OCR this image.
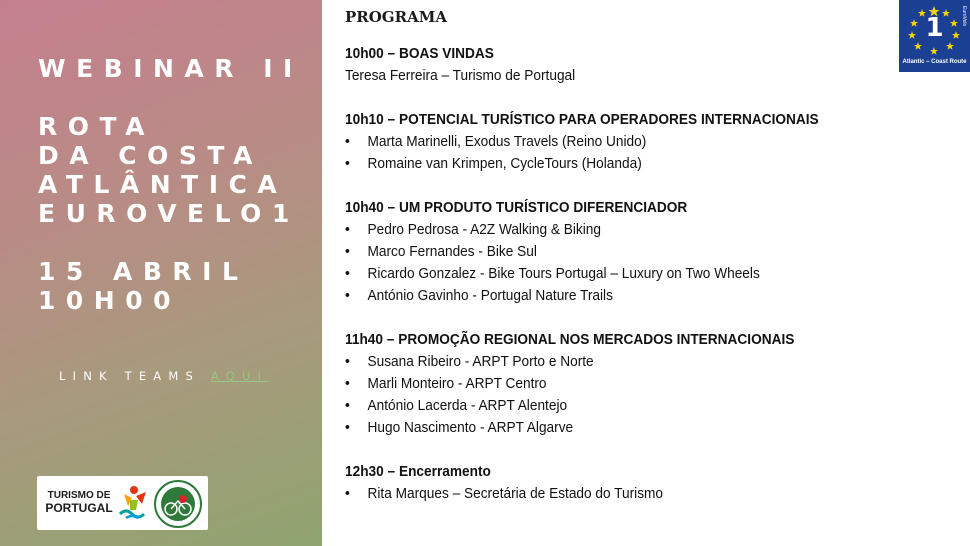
WEBINAR II
ROTA
DA COSTA
ATLÂNTICA
EUROVELO1
15 ABRIL
10H00
LINK TEAMS AQUI
TURISMO DE
PORTUGAL
PROGRAMA
10h00 – BOAS VINDAS
Teresa Ferreira – Turismo de Portugal
10h10 – POTENCIAL TURÍSTICO PARA OPERADORES INTERNACIONAIS
• Marta Marinelli, Exodus Travels (Reino Unido)
• Romaine van Krimpen, CycleTours (Holanda)
10h40 – UM PRODUTO TURÍSTICO DIFERENCIADOR
• Pedro Pedrosa - A2Z Walking & Biking
• Marco Fernandes - Bike Sul
• Ricardo Gonzalez - Bike Tours Portugal – Luxury on Two Wheels
• António Gavinho - Portugal Nature Trails
11h40 – PROMOÇÃO REGIONAL NOS MERCADOS INTERNACIONAIS
• Susana Ribeiro - ARPT Porto e Norte
• Marli Monteiro - ARPT Centro
• António Lacerda - ARPT Alentejo
• Hugo Nascimento - ARPT Algarve
12h30 – Encerramento
• Rita Marques – Secretária de Estado do Turismo
1	EuroVelo
Atlantic – Coast Route
